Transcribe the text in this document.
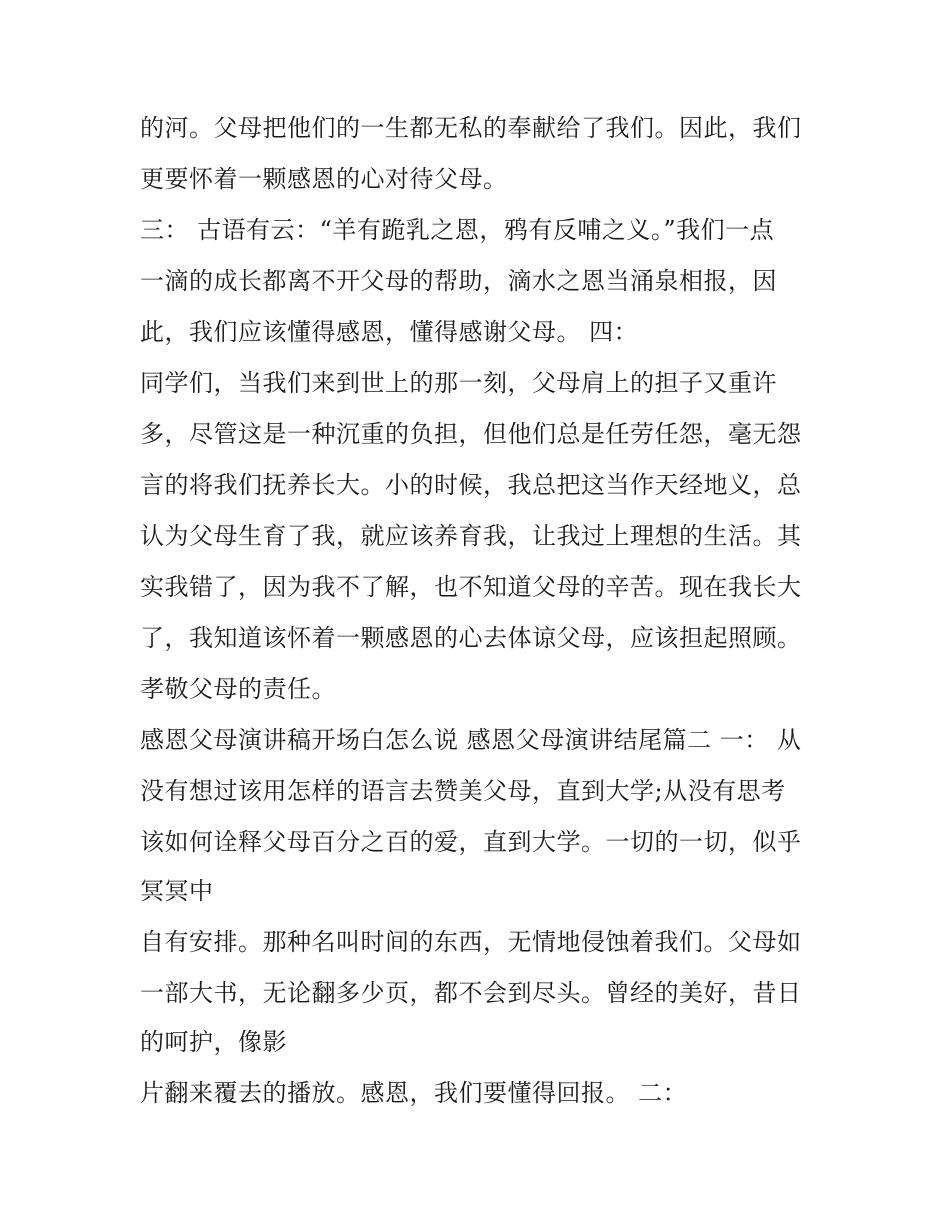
的河。父母把他们的一生都无私的奉献给了我们。因此，我们
更要怀着一颗感恩的心对待父母。
三： 古语有云：“羊有跪乳之恩，鸦有反哺之义。”我们一点
一滴的成长都离不开父母的帮助，滴水之恩当涌泉相报，因
此，我们应该懂得感恩，懂得感谢父母。 四：
同学们，当我们来到世上的那一刻，父母肩上的担子又重许
多，尽管这是一种沉重的负担，但他们总是任劳任怨，毫无怨
言的将我们抚养长大。小的时候，我总把这当作天经地义，总
认为父母生育了我，就应该养育我，让我过上理想的生活。其
实我错了，因为我不了解，也不知道父母的辛苦。现在我长大
了，我知道该怀着一颗感恩的心去体谅父母，应该担起照顾。
孝敬父母的责任。
感恩父母演讲稿开场白怎么说 感恩父母演讲结尾篇二 一： 从
没有想过该用怎样的语言去赞美父母，直到大学;从没有思考
该如何诠释父母百分之百的爱，直到大学。一切的一切，似乎
冥冥中
自有安排。那种名叫时间的东西，无情地侵蚀着我们。父母如
一部大书，无论翻多少页，都不会到尽头。曾经的美好，昔日
的呵护，像影
片翻来覆去的播放。感恩，我们要懂得回报。 二：
